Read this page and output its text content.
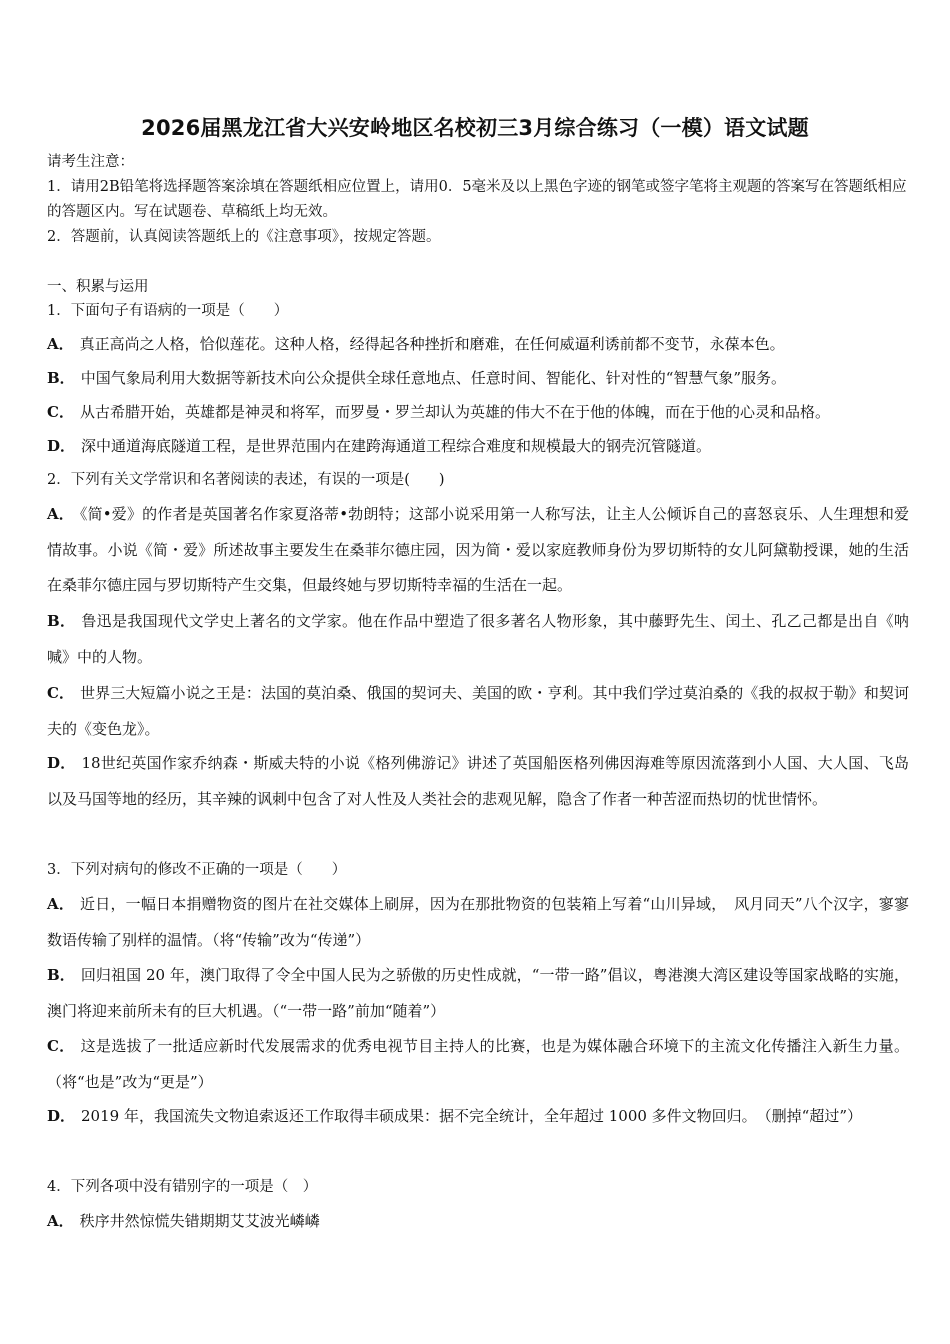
2026届黑龙江省大兴安岭地区名校初三3月综合练习（一模）语文试题
请考生注意：
1．请用2B铅笔将选择题答案涂填在答题纸相应位置上，请用0．5毫米及以上黑色字迹的钢笔或签字笔将主观题的答案写在答题纸相应的答题区内。写在试题卷、草稿纸上均无效。
2．答题前，认真阅读答题纸上的《注意事项》，按规定答题。
一、积累与运用
1．下面句子有语病的一项是（　　）
A． 真正高尚之人格，恰似莲花。这种人格，经得起各种挫折和磨难，在任何威逼利诱前都不变节，永葆本色。
B． 中国气象局利用大数据等新技术向公众提供全球任意地点、任意时间、智能化、针对性的“智慧气象”服务。
C． 从古希腊开始，英雄都是神灵和将军，而罗曼・罗兰却认为英雄的伟大不在于他的体魄，而在于他的心灵和品格。
D． 深中通道海底隧道工程，是世界范围内在建跨海通道工程综合难度和规模最大的钢壳沉管隧道。
2．下列有关文学常识和名著阅读的表述，有误的一项是(　　)
A． 《简•爱》的作者是英国著名作家夏洛蒂•勃朗特；这部小说采用第一人称写法，让主人公倾诉自己的喜怒哀乐、人生理想和爱情故事。小说《简・爱》所述故事主要发生在桑菲尔德庄园，因为简・爱以家庭教师身份为罗切斯特的女儿阿黛勒授课，她的生活在桑菲尔德庄园与罗切斯特产生交集，但最终她与罗切斯特幸福的生活在一起。
B． 鲁迅是我国现代文学史上著名的文学家。他在作品中塑造了很多著名人物形象，其中藤野先生、闰土、孔乙己都是出自《呐喊》中的人物。
C． 世界三大短篇小说之王是：法国的莫泊桑、俄国的契诃夫、美国的欧・亨利。其中我们学过莫泊桑的《我的叔叔于勒》和契诃夫的《变色龙》。
D． 18世纪英国作家乔纳森・斯威夫特的小说《格列佛游记》讲述了英国船医格列佛因海难等原因流落到小人国、大人国、飞岛以及马国等地的经历，其辛辣的讽刺中包含了对人性及人类社会的悲观见解，隐含了作者一种苦涩而热切的忧世情怀。
3．下列对病句的修改不正确的一项是（　　）
A． 近日，一幅日本捐赠物资的图片在社交媒体上刷屏，因为在那批物资的包装箱上写着“山川异域，　风月同天”八个汉字，寥寥数语传输了别样的温情。（将“传输”改为“传递”）
B． 回归祖国 20 年，澳门取得了令全中国人民为之骄傲的历史性成就，“一带一路”倡议，粤港澳大湾区建设等国家战略的实施，澳门将迎来前所未有的巨大机遇。（“一带一路”前加“随着”）
C． 这是选拔了一批适应新时代发展需求的优秀电视节目主持人的比赛，也是为媒体融合环境下的主流文化传播注入新生力量。（将“也是”改为“更是”）
D． 2019 年，我国流失文物追索返还工作取得丰硕成果：据不完全统计，全年超过 1000 多件文物回归。　（删掉“超过”）
4．下列各项中没有错别字的一项是（　）
A． 秩序井然惊慌失错期期艾艾波光嶙嶙
